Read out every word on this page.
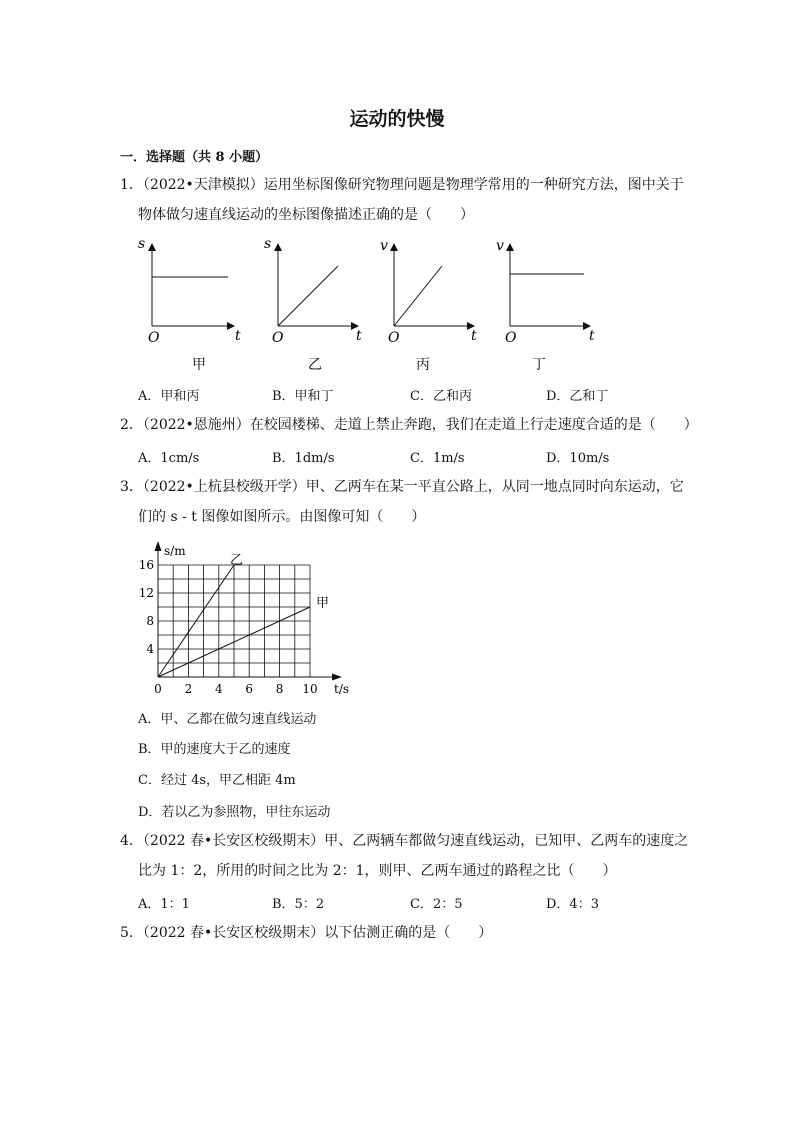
运动的快慢
一．选择题（共 8 小题）
1．（2022•天津模拟）运用坐标图像研究物理问题是物理学常用的一种研究方法，图中关于
物体做匀速直线运动的坐标图像描述正确的是（　　）
s
t
O
s
t
O
v
t
O
v
t
O
甲	乙	丙	丁
A．甲和丙	B．甲和丁	C．乙和丙	D．乙和丁
2．（2022•恩施州）在校园楼梯、走道上禁止奔跑，我们在走道上行走速度合适的是（　　）
A．1cm/s	B．1dm/s	C．1m/s	D．10m/s
3．（2022•上杭县校级开学）甲、乙两车在某一平直公路上，从同一地点同时向东运动，它
们的 s - t 图像如图所示。由图像可知（　　）
0 2 4 6 8 10
4
8
12
16	乙
甲
s/m
t/s
A．甲、乙都在做匀速直线运动
B．甲的速度大于乙的速度
C．经过 4s，甲乙相距 4m
D．若以乙为参照物，甲往东运动
4．（2022 春•长安区校级期末）甲、乙两辆车都做匀速直线运动，已知甲、乙两车的速度之
比为 1：2，所用的时间之比为 2：1，则甲、乙两车通过的路程之比（　　）
A．1：1	B．5：2	C．2：5	D．4：3
5．（2022 春•长安区校级期末）以下估测正确的是（　　）
